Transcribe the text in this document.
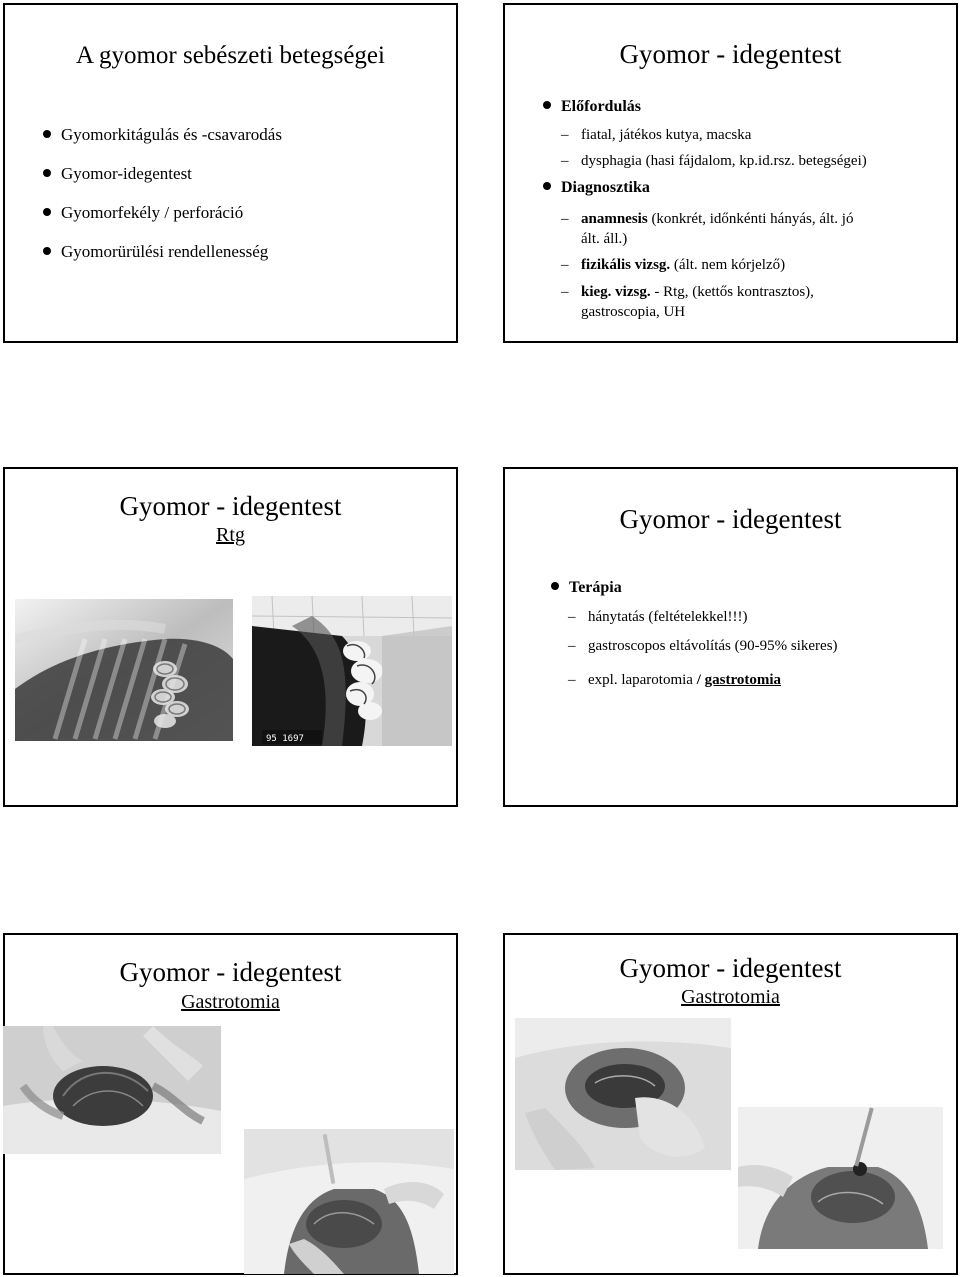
A gyomor sebészeti betegségei
Gyomorkitágulás és -csavarodás
Gyomor-idegentest
Gyomorfekély / perforáció
Gyomorürülési rendellenesség
Gyomor - idegentest
Előfordulás
– fiatal, játékos kutya, macska
– dysphagia (hasi fájdalom, kp.id.rsz. betegségei)
Diagnosztika
– anamnesis (konkrét, időnkénti hányás, ált. jó
ált. áll.)
– fizikális vizsg. (ált. nem kórjelző)
– kieg. vizsg. - Rtg, (kettős kontrasztos),
gastroscopia, UH
Gyomor - idegentest
Rtg
95 1697
Gyomor - idegentest
Terápia
– hánytatás (feltételekkel!!!)
– gastroscopos eltávolítás (90-95% sikeres)
– expl. laparotomia / gastrotomia
Gyomor - idegentest
Gastrotomia
Gyomor - idegentest
Gastrotomia
